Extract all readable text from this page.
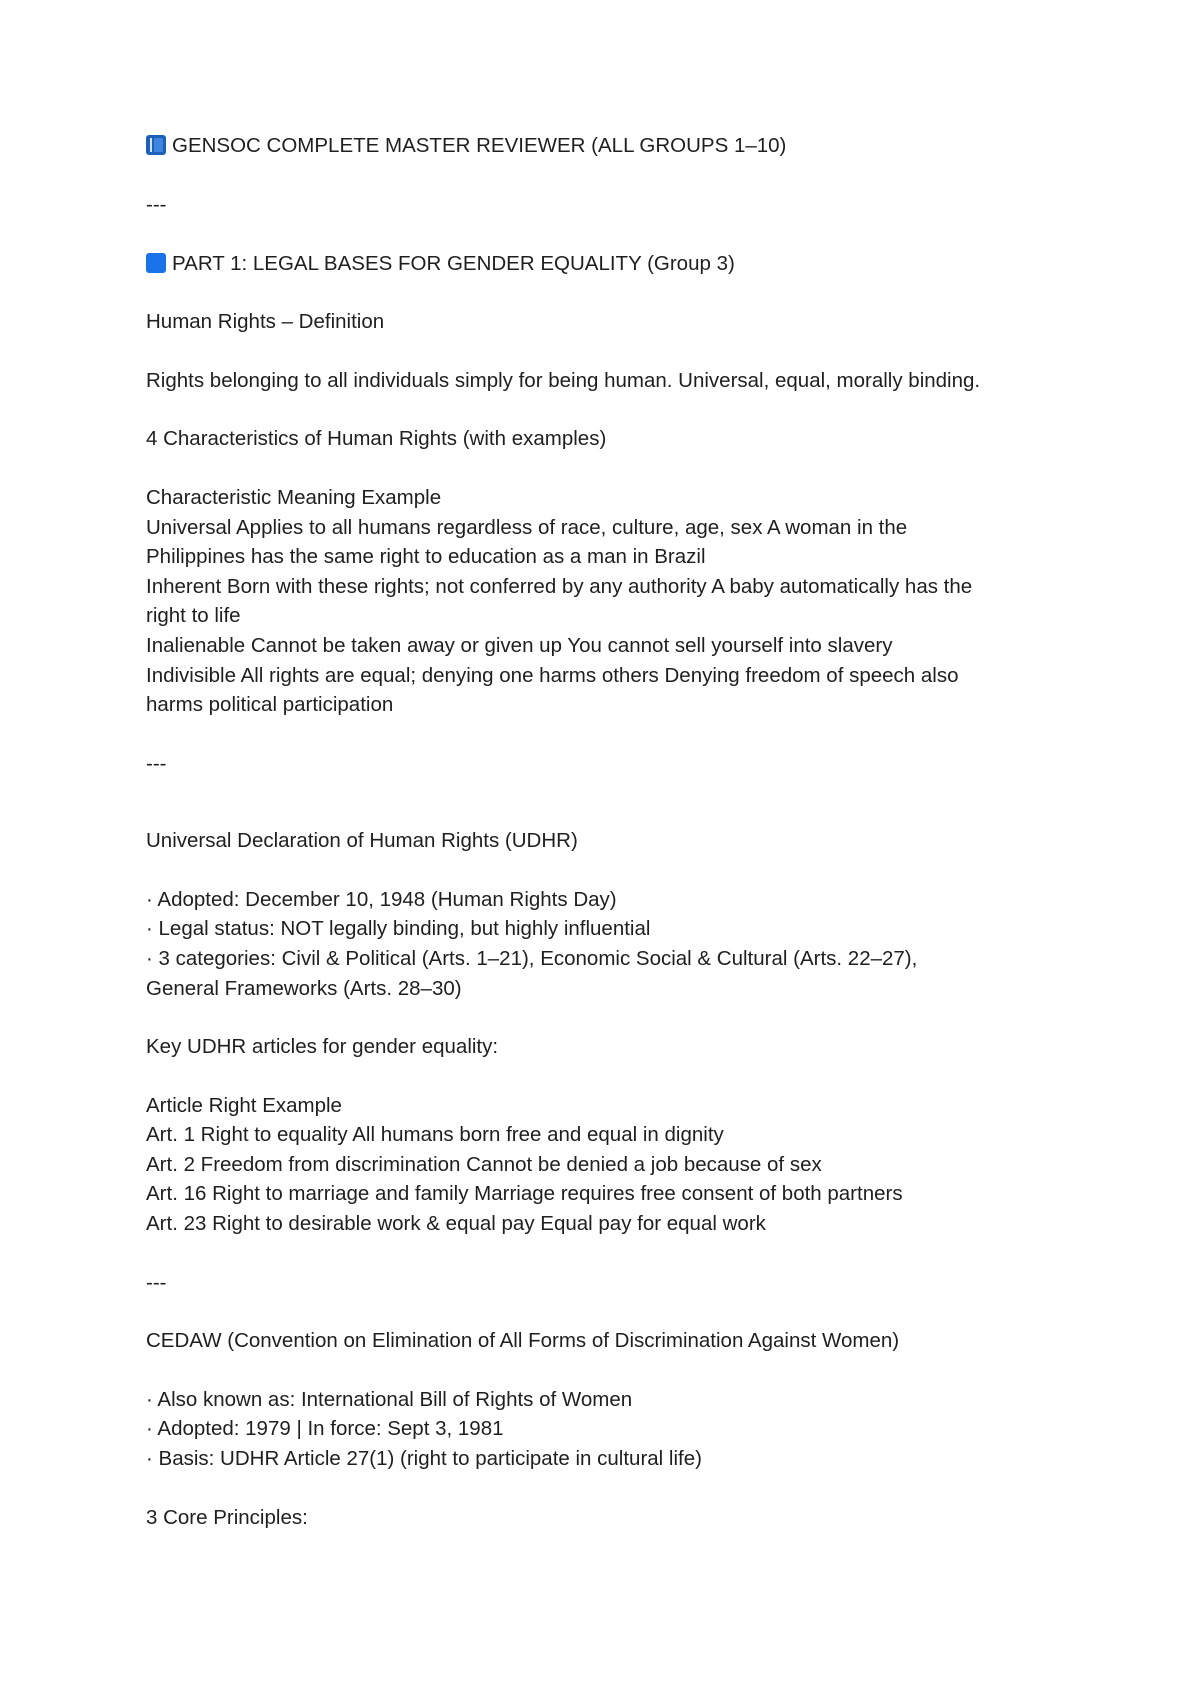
GENSOC COMPLETE MASTER REVIEWER (ALL GROUPS 1–10)
---
PART 1: LEGAL BASES FOR GENDER EQUALITY (Group 3)
Human Rights – Definition
Rights belonging to all individuals simply for being human. Universal, equal, morally binding.
4 Characteristics of Human Rights (with examples)
Characteristic Meaning Example
Universal Applies to all humans regardless of race, culture, age, sex A woman in the
Philippines has the same right to education as a man in Brazil
Inherent Born with these rights; not conferred by any authority A baby automatically has the
right to life
Inalienable Cannot be taken away or given up You cannot sell yourself into slavery
Indivisible All rights are equal; denying one harms others Denying freedom of speech also
harms political participation
---
Universal Declaration of Human Rights (UDHR)
· Adopted: December 10, 1948 (Human Rights Day)
· Legal status: NOT legally binding, but highly influential
· 3 categories: Civil & Political (Arts. 1–21), Economic Social & Cultural (Arts. 22–27),
General Frameworks (Arts. 28–30)
Key UDHR articles for gender equality:
Article Right Example
Art. 1 Right to equality All humans born free and equal in dignity
Art. 2 Freedom from discrimination Cannot be denied a job because of sex
Art. 16 Right to marriage and family Marriage requires free consent of both partners
Art. 23 Right to desirable work & equal pay Equal pay for equal work
---
CEDAW (Convention on Elimination of All Forms of Discrimination Against Women)
· Also known as: International Bill of Rights of Women
· Adopted: 1979 | In force: Sept 3, 1981
· Basis: UDHR Article 27(1) (right to participate in cultural life)
3 Core Principles:
